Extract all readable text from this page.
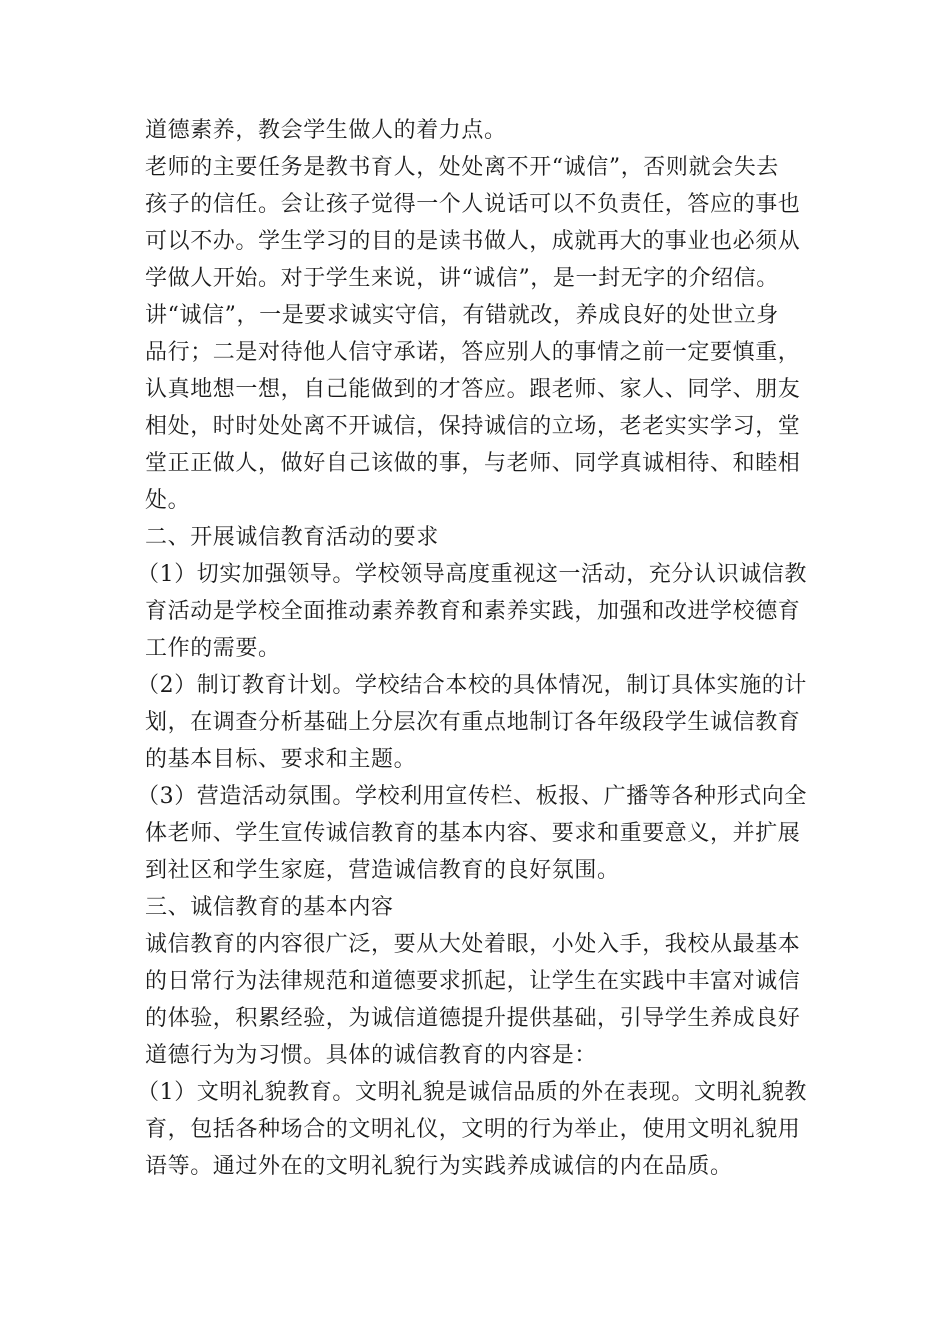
道德素养，教会学生做人的着力点。
老师的主要任务是教书育人，处处离不开“诚信”，否则就会失去
孩子的信任。会让孩子觉得一个人说话可以不负责任，答应的事也
可以不办。学生学习的目的是读书做人，成就再大的事业也必须从
学做人开始。对于学生来说，讲“诚信”，是一封无字的介绍信。
讲“诚信”，一是要求诚实守信，有错就改，养成良好的处世立身
品行；二是对待他人信守承诺，答应别人的事情之前一定要慎重，
认真地想一想，自己能做到的才答应。跟老师、家人、同学、朋友
相处，时时处处离不开诚信，保持诚信的立场，老老实实学习，堂
堂正正做人，做好自己该做的事，与老师、同学真诚相待、和睦相
处。
二、开展诚信教育活动的要求
（1）切实加强领导。学校领导高度重视这一活动，充分认识诚信教
育活动是学校全面推动素养教育和素养实践，加强和改进学校德育
工作的需要。
（2）制订教育计划。学校结合本校的具体情况，制订具体实施的计
划，在调查分析基础上分层次有重点地制订各年级段学生诚信教育
的基本目标、要求和主题。
（3）营造活动氛围。学校利用宣传栏、板报、广播等各种形式向全
体老师、学生宣传诚信教育的基本内容、要求和重要意义，并扩展
到社区和学生家庭，营造诚信教育的良好氛围。
三、诚信教育的基本内容
诚信教育的内容很广泛，要从大处着眼，小处入手，我校从最基本
的日常行为法律规范和道德要求抓起，让学生在实践中丰富对诚信
的体验，积累经验，为诚信道德提升提供基础，引导学生养成良好
道德行为为习惯。具体的诚信教育的内容是：
（1）文明礼貌教育。文明礼貌是诚信品质的外在表现。文明礼貌教
育，包括各种场合的文明礼仪，文明的行为举止，使用文明礼貌用
语等。通过外在的文明礼貌行为实践养成诚信的内在品质。
